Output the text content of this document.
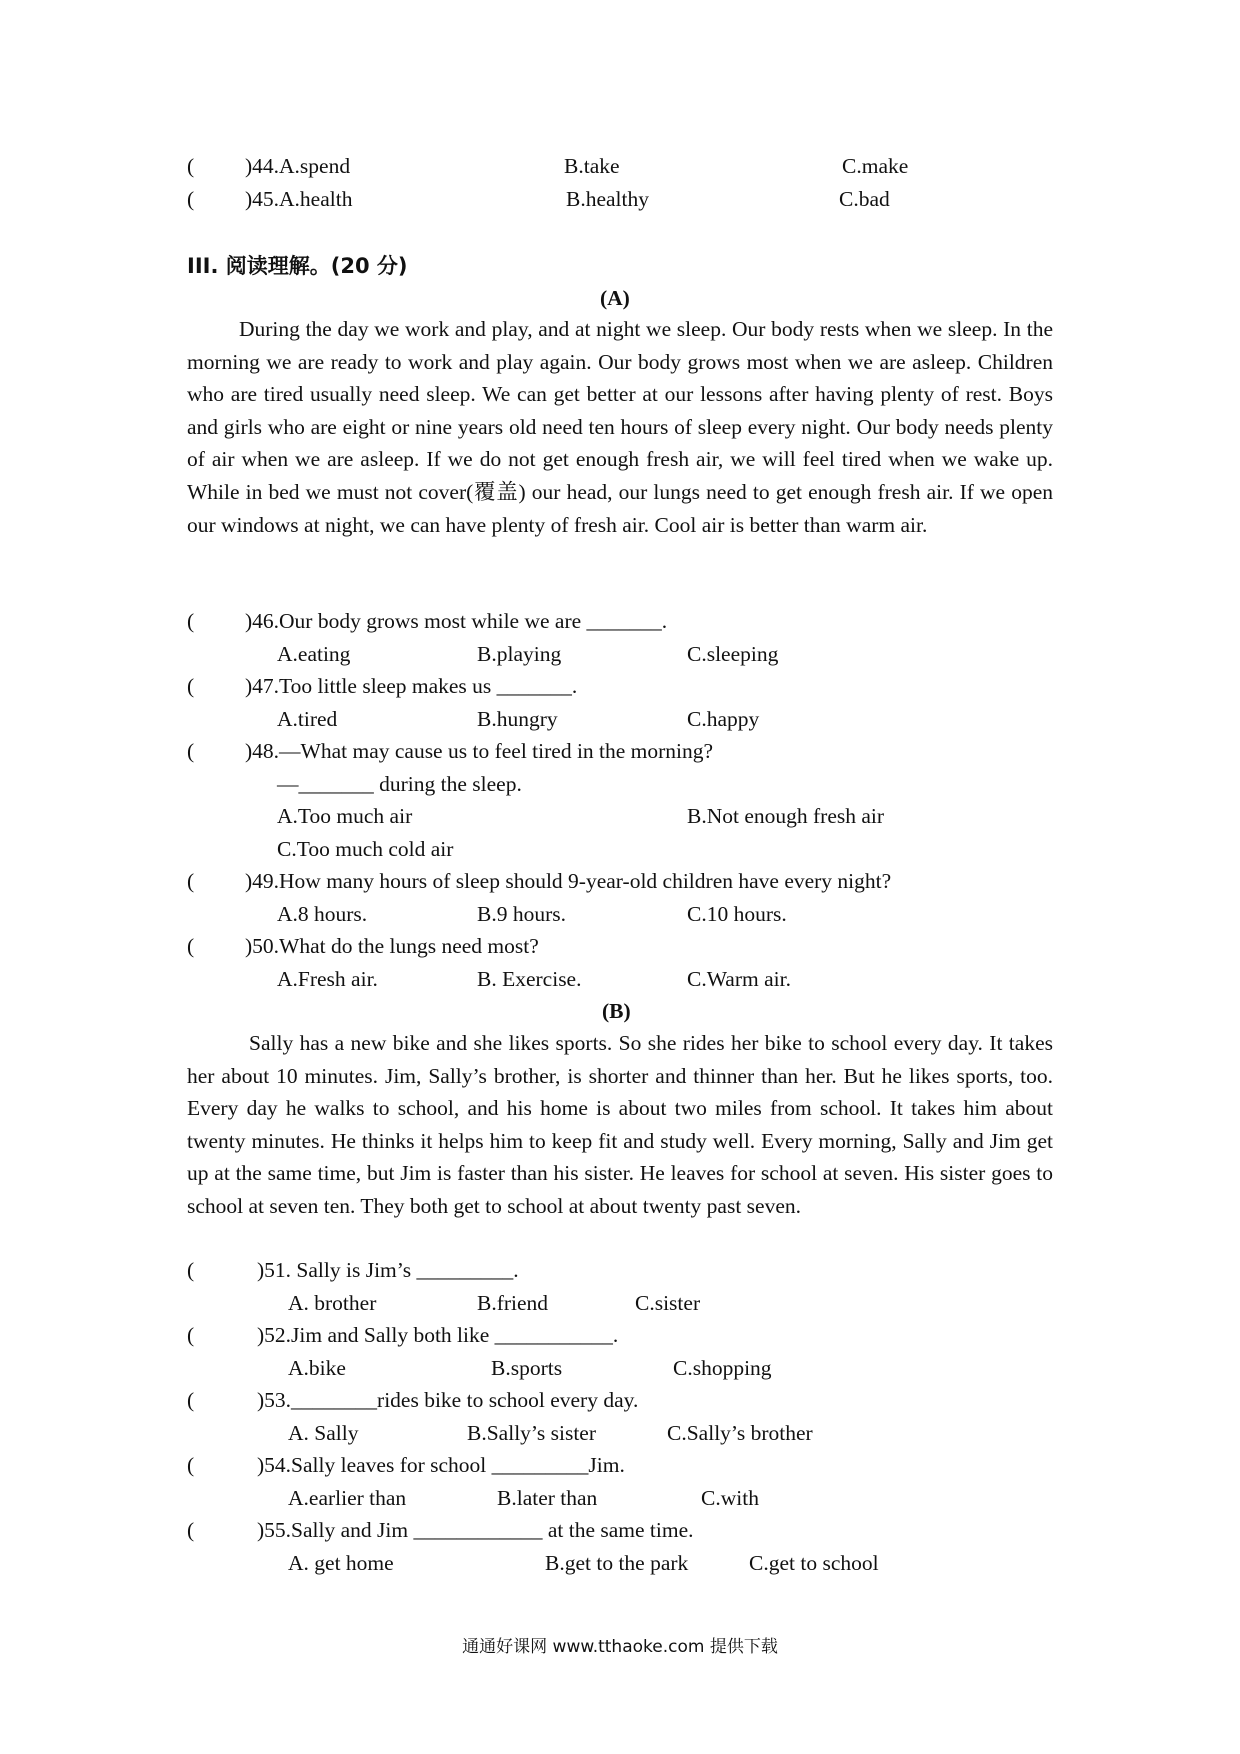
( )44.A.spend	B.take	C.make
( )45.A.health	B.healthy	C.bad
III. 阅读理解。(20 分)
(A)

During the day we work and play, and at night we sleep. Our body rests when we sleep. In the morning we are ready to work and play again. Our body grows most when we are asleep. Children who are tired usually need sleep. We can get better at our lessons after having plenty of rest. Boys and girls who are eight or nine years old need ten hours of sleep every night. Our body needs plenty of air when we are asleep. If we do not get enough fresh air, we will feel tired when we wake up. While in bed we must not cover(覆盖) our head, our lungs need to get enough fresh air. If we open our windows at night, we can have plenty of fresh air. Cool air is better than warm air.

( )46.Our body grows most while we are _______.
A.eating	B.playing	C.sleeping
( )47.Too little sleep makes us _______.
A.tired	B.hungry	C.happy
( )48.—What may cause us to feel tired in the morning?
—_______ during the sleep.
A.Too much air	B.Not enough fresh air
C.Too much cold air
( )49.How many hours of sleep should 9-year-old children have every night?
A.8 hours.	B.9 hours.	C.10 hours.
( )50.What do the lungs need most?
A.Fresh air.	B. Exercise.	C.Warm air.
(B)

Sally has a new bike and she likes sports. So she rides her bike to school every day. It takes her about 10 minutes. Jim, Sally’s brother, is shorter and thinner than her. But he likes sports, too. Every day he walks to school, and his home is about two miles from school. It takes him about twenty minutes. He thinks it helps him to keep fit and study well. Every morning, Sally and Jim get up at the same time, but Jim is faster than his sister. He leaves for school at seven. His sister goes to school at seven ten. They both get to school at about twenty past seven.

(	)51. Sally is Jim’s _________.
A. brother	B.friend	C.sister
(	)52.Jim and Sally both like ___________.
A.bike	B.sports	C.shopping
(	)53.________rides bike to school every day.
A. Sally	B.Sally’s sister	C.Sally’s brother
(	)54.Sally leaves for school _________Jim.
A.earlier than	B.later than	C.with
(	)55.Sally and Jim ____________ at the same time.
A. get home	B.get to the park	C.get to school
通通好课网 www.tthaoke.com 提供下载
